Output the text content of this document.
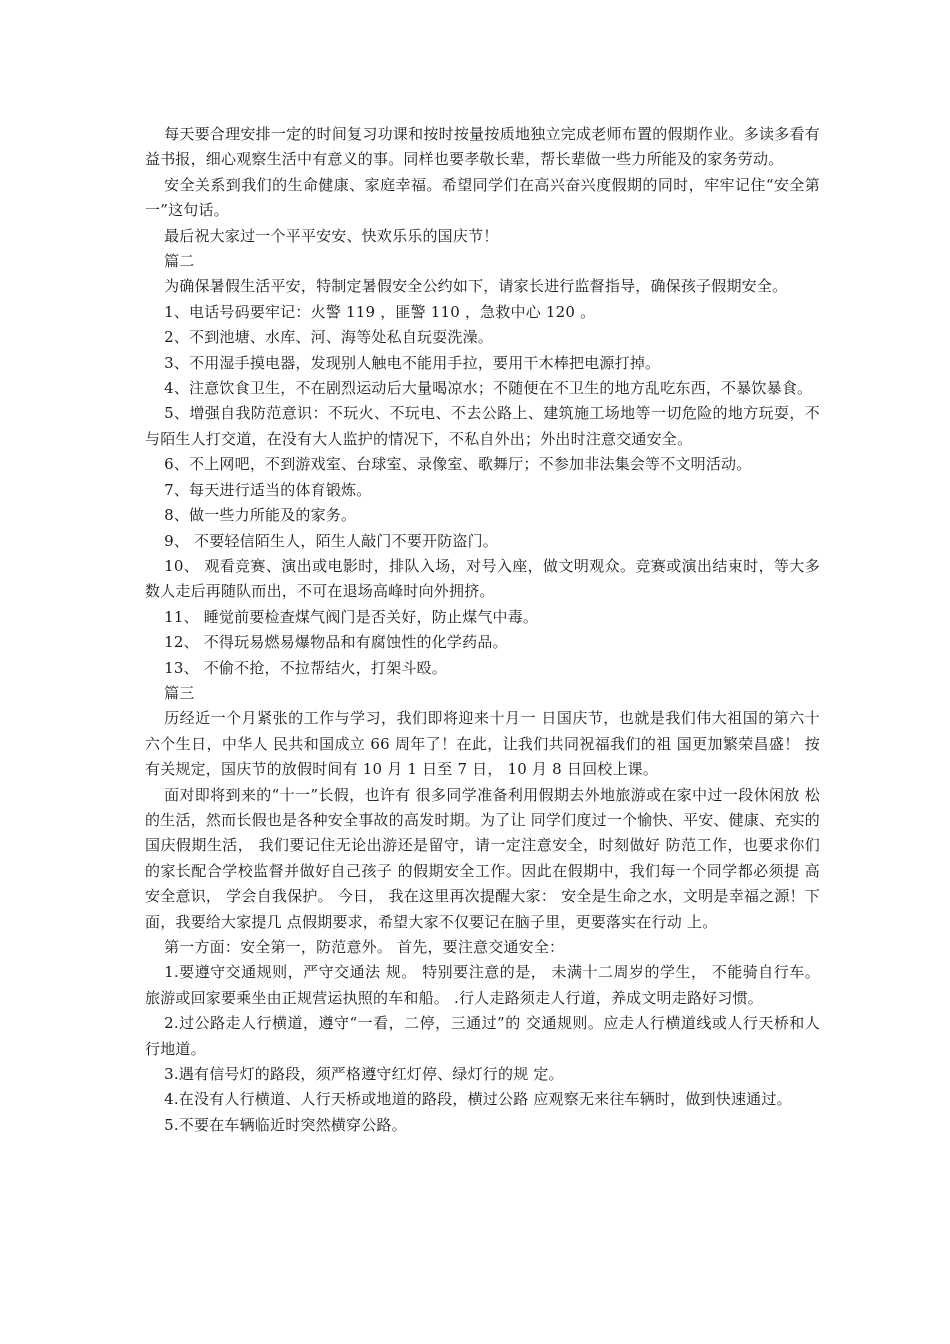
每天要合理安排一定的时间复习功课和按时按量按质地独立完成老师布置的假期作业。多读多看有益书报，细心观察生活中有意义的事。同样也要孝敬长辈，帮长辈做一些力所能及的家务劳动。

安全关系到我们的生命健康、家庭幸福。希望同学们在高兴奋兴度假期的同时，牢牢记住“安全第一”这句话。

最后祝大家过一个平平安安、快欢乐乐的国庆节！

篇二

为确保暑假生活平安，特制定暑假安全公约如下，请家长进行监督指导，确保孩子假期安全。

1、电话号码要牢记：火警 119 ，匪警 110 ，急救中心 120 。

2、不到池塘、水库、河、海等处私自玩耍洗澡。

3、不用湿手摸电器，发现别人触电不能用手拉，要用干木棒把电源打掉。

4、注意饮食卫生，不在剧烈运动后大量喝凉水；不随便在不卫生的地方乱吃东西，不暴饮暴食。

5、增强自我防范意识：不玩火、不玩电、不去公路上、建筑施工场地等一切危险的地方玩耍，不与陌生人打交道，在没有大人监护的情况下，不私自外出；外出时注意交通安全。

6、不上网吧，不到游戏室、台球室、录像室、歌舞厅；不参加非法集会等不文明活动。

7、每天进行适当的体育锻炼。

8、做一些力所能及的家务。

9、 不要轻信陌生人，陌生人敲门不要开防盗门。

10、 观看竞赛、演出或电影时，排队入场，对号入座，做文明观众。竞赛或演出结束时，等大多数人走后再随队而出，不可在退场高峰时向外拥挤。

11、 睡觉前要检查煤气阀门是否关好，防止煤气中毒。

12、 不得玩易燃易爆物品和有腐蚀性的化学药品。

13、 不偷不抢，不拉帮结火，打架斗殴。

篇三

历经近一个月紧张的工作与学习，我们即将迎来十月一 日国庆节，也就是我们伟大祖国的第六十六个生日，中华人 民共和国成立 66 周年了！在此，让我们共同祝福我们的祖 国更加繁荣昌盛！ 按有关规定，国庆节的放假时间有 10 月 1 日至 7 日， 10 月 8 日回校上课。

面对即将到来的“十一”长假，也许有 很多同学准备利用假期去外地旅游或在家中过一段休闲放 松的生活，然而长假也是各种安全事故的高发时期。为了让 同学们度过一个愉快、平安、健康、充实的国庆假期生活， 我们要记住无论出游还是留守，请一定注意安全，时刻做好 防范工作，也要求你们的家长配合学校监督并做好自己孩子 的假期安全工作。因此在假期中，我们每一个同学都必须提 高安全意识， 学会自我保护。 今日， 我在这里再次提醒大家： 安全是生命之水，文明是幸福之源！下面，我要给大家提几 点假期要求，希望大家不仅要记在脑子里，更要落实在行动 上。

第一方面：安全第一，防范意外。 首先，要注意交通安全：

1.要遵守交通规则，严守交通法 规。 特别要注意的是， 未满十二周岁的学生， 不能骑自行车。 旅游或回家要乘坐由正规营运执照的车和船。 .行人走路须走人行道，养成文明走路好习惯。

2.过公路走人行横道，遵守“一看，二停，三通过”的 交通规则。应走人行横道线或人行天桥和人行地道。

3.遇有信号灯的路段，须严格遵守红灯停、绿灯行的规 定。

4.在没有人行横道、人行天桥或地道的路段，横过公路 应观察无来往车辆时，做到快速通过。

5.不要在车辆临近时突然横穿公路。
